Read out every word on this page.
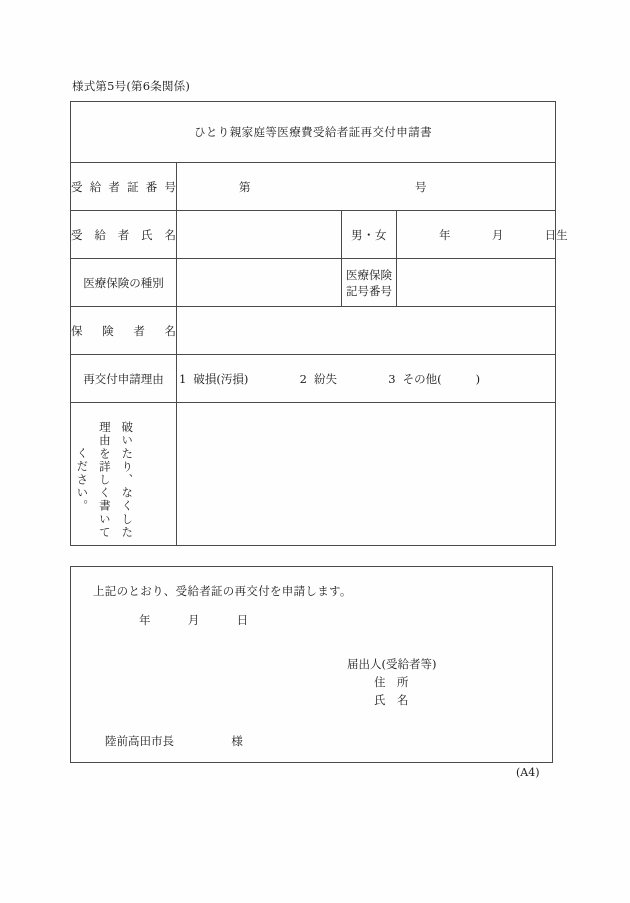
様式第5号(第6条関係)
ひとり親家庭等医療費受給者証再交付申請書			

受給者証番号	第 号		

受給者氏名		男・女	年 月 日生

医療保険の種別		医療保険記号番号	

保険者名			

再交付申請理由	1 破損(汚損) 2 紛失 3 その他( )		

破いたり、なくした理由を詳しく書いてください。			

上記のとおり、受給者証の再交付を申請します。
年	月	日
届出人(受給者等)
住　所
氏　名
陸前高田市長	様
(A4)
